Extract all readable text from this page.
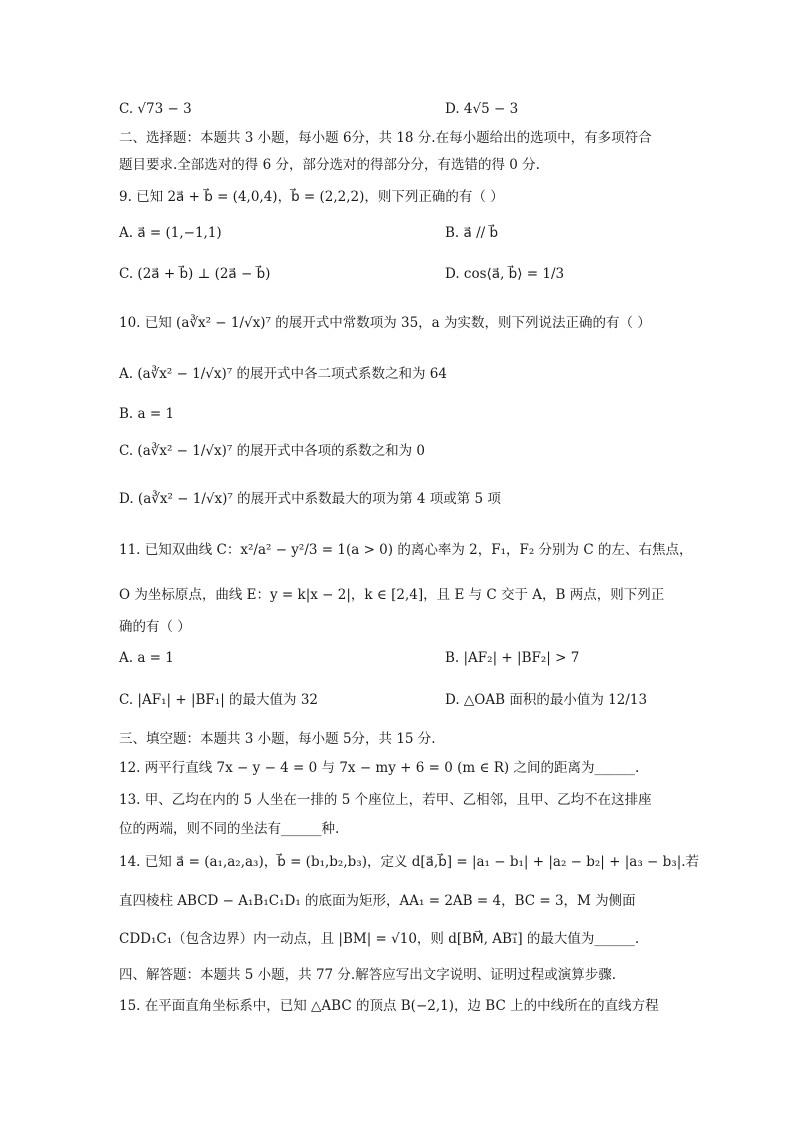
C. √73 − 3	D. 4√5 − 3
二、选择题：本题共 3 小题，每小题 6分，共 18 分.在每小题给出的选项中，有多项符合
题目要求.全部选对的得 6 分，部分选对的得部分分，有选错的得 0 分.
9. 已知 2a⃗ + b⃗ = (4,0,4)，b⃗ = (2,2,2)，则下列正确的有（ ）
A. a⃗ = (1,−1,1)	B. a⃗ // b⃗
C. (2a⃗ + b⃗) ⊥ (2a⃗ − b⃗)	D. cos⟨a⃗, b⃗⟩ = 1/3
10. 已知 (a∛x² − 1/√x)⁷ 的展开式中常数项为 35，a 为实数，则下列说法正确的有（ ）
A. (a∛x² − 1/√x)⁷ 的展开式中各二项式系数之和为 64
B. a = 1
C. (a∛x² − 1/√x)⁷ 的展开式中各项的系数之和为 0
D. (a∛x² − 1/√x)⁷ 的展开式中系数最大的项为第 4 项或第 5 项
11. 已知双曲线 C：x²/a² − y²/3 = 1(a > 0) 的离心率为 2，F₁，F₂ 分别为 C 的左、右焦点，
O 为坐标原点，曲线 E：y = k|x − 2|，k ∈ [2,4]，且 E 与 C 交于 A，B 两点，则下列正
确的有（ ）
A. a = 1	B. |AF₂| + |BF₂| > 7
C. |AF₁| + |BF₁| 的最大值为 32	D. △OAB 面积的最小值为 12/13
三、填空题：本题共 3 小题，每小题 5分，共 15 分.
12. 两平行直线 7x − y − 4 = 0 与 7x − my + 6 = 0 (m ∈ R) 之间的距离为______.
13. 甲、乙均在内的 5 人坐在一排的 5 个座位上，若甲、乙相邻，且甲、乙均不在这排座
位的两端，则不同的坐法有______种.
14. 已知 a⃗ = (a₁,a₂,a₃)，b⃗ = (b₁,b₂,b₃)，定义 d[a⃗,b⃗] = |a₁ − b₁| + |a₂ − b₂| + |a₃ − b₃|.若
直四棱柱 ABCD − A₁B₁C₁D₁ 的底面为矩形，AA₁ = 2AB = 4，BC = 3，M 为侧面
CDD₁C₁（包含边界）内一动点，且 |BM| = √10，则 d[BM⃗, AB₁⃗] 的最大值为______.
四、解答题：本题共 5 小题，共 77 分.解答应写出文字说明、证明过程或演算步骤.
15. 在平面直角坐标系中，已知 △ABC 的顶点 B(−2,1)，边 BC 上的中线所在的直线方程
